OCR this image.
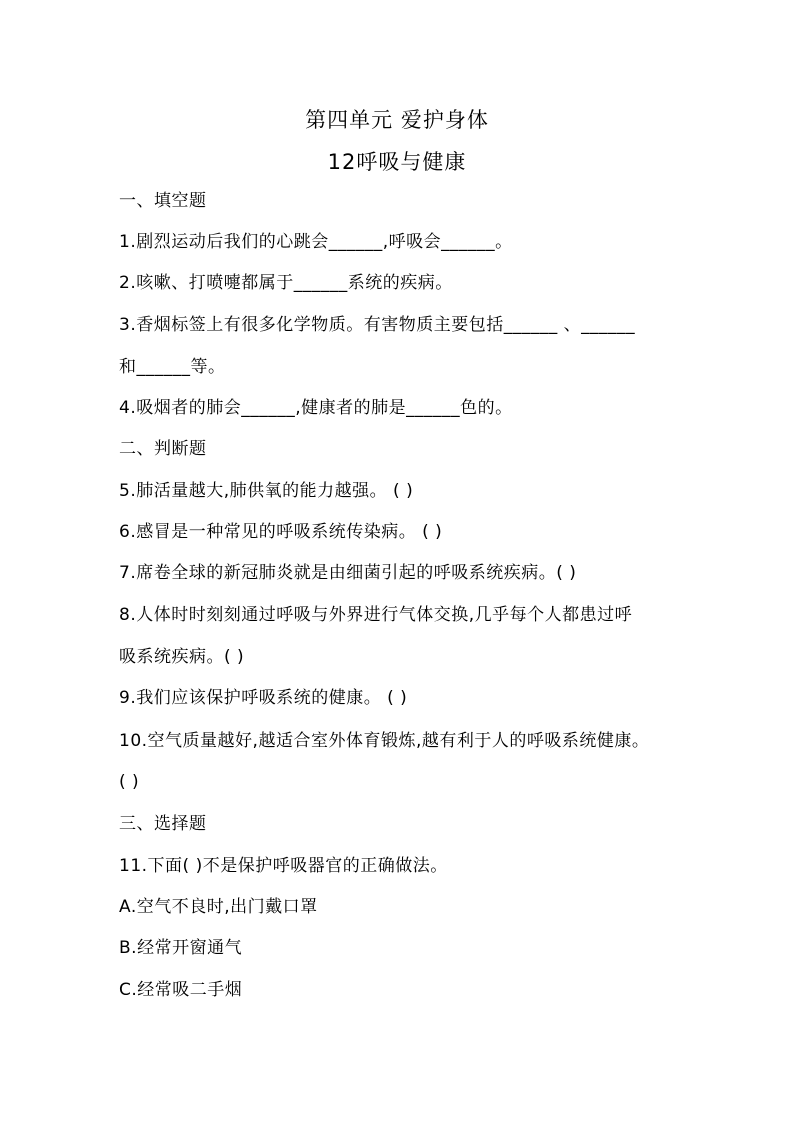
第四单元 爱护身体
12呼吸与健康
一、填空题
1.剧烈运动后我们的心跳会______,呼吸会______。
2.咳嗽、打喷嚏都属于______系统的疾病。
3.香烟标签上有很多化学物质。有害物质主要包括______ 、______
和______等。
4.吸烟者的肺会______,健康者的肺是______色的。
二、判断题
5.肺活量越大,肺供氧的能力越强。 ( )
6.感冒是一种常见的呼吸系统传染病。 ( )
7.席卷全球的新冠肺炎就是由细菌引起的呼吸系统疾病。( )
8.人体时时刻刻通过呼吸与外界进行气体交换,几乎每个人都患过呼
吸系统疾病。( )
9.我们应该保护呼吸系统的健康。 ( )
10.空气质量越好,越适合室外体育锻炼,越有利于人的呼吸系统健康。
( )
三、选择题
11.下面( )不是保护呼吸器官的正确做法。
A.空气不良时,出门戴口罩
B.经常开窗通气
C.经常吸二手烟
